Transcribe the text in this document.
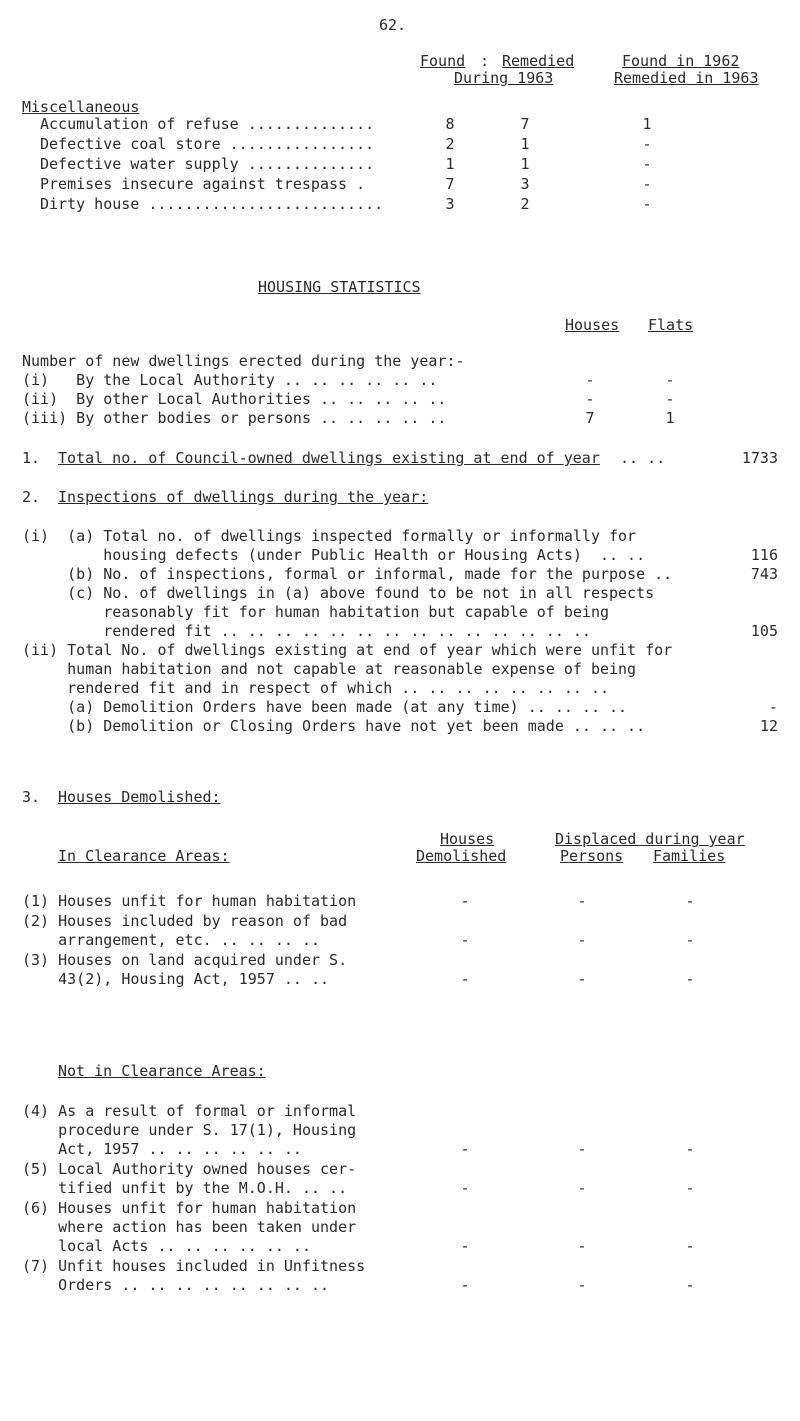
62.
Found : Remedied
During 1963
Found in 1962
Remedied in 1963
Miscellaneous
Accumulation of refuse ..............	8	7	1
Defective coal store ................	2	1	-
Defective water supply ..............	1	1	-
Premises insecure against trespass .	7	3	-
Dirty house ..........................	3	2	-
HOUSING STATISTICS
Houses Flats
Number of new dwellings erected during the year:-
(i)   By the Local Authority .. .. .. .. .. ..	-	-
(ii)  By other Local Authorities .. .. .. .. ..	-	-
(iii) By other bodies or persons .. .. .. .. ..	7	1
1. Total no. of Council-owned dwellings existing at end of year .. ..	1733
2. Inspections of dwellings during the year:
(i)  (a) Total no. of dwellings inspected formally or informally for
housing defects (under Public Health or Housing Acts)  .. ..	116
(b) No. of inspections, formal or informal, made for the purpose ..	743
(c) No. of dwellings in (a) above found to be not in all respects
reasonably fit for human habitation but capable of being
rendered fit .. .. .. .. .. .. .. .. .. .. .. .. .. ..	105
(ii) Total No. of dwellings existing at end of year which were unfit for
human habitation and not capable at reasonable expense of being
rendered fit and in respect of which .. .. .. .. .. .. .. ..
(a) Demolition Orders have been made (at any time) .. .. .. ..	-
(b) Demolition or Closing Orders have not yet been made .. .. ..	12
3. Houses Demolished:
Houses
Demolished
Displaced during year
Persons Families
In Clearance Areas:
Not in Clearance Areas:
(1) Houses unfit for human habitation	-	-	-
(2) Houses included by reason of bad
arrangement, etc. .. .. .. ..	-	-	-
(3) Houses on land acquired under S.
43(2), Housing Act, 1957 .. ..	-	-	-
(4) As a result of formal or informal
procedure under S. 17(1), Housing
Act, 1957 .. .. .. .. .. ..	-	-	-
(5) Local Authority owned houses cer-
tified unfit by the M.O.H. .. ..	-	-	-
(6) Houses unfit for human habitation
where action has been taken under
local Acts .. .. .. .. .. ..	-	-	-
(7) Unfit houses included in Unfitness
Orders .. .. .. .. .. .. .. ..	-	-	-
